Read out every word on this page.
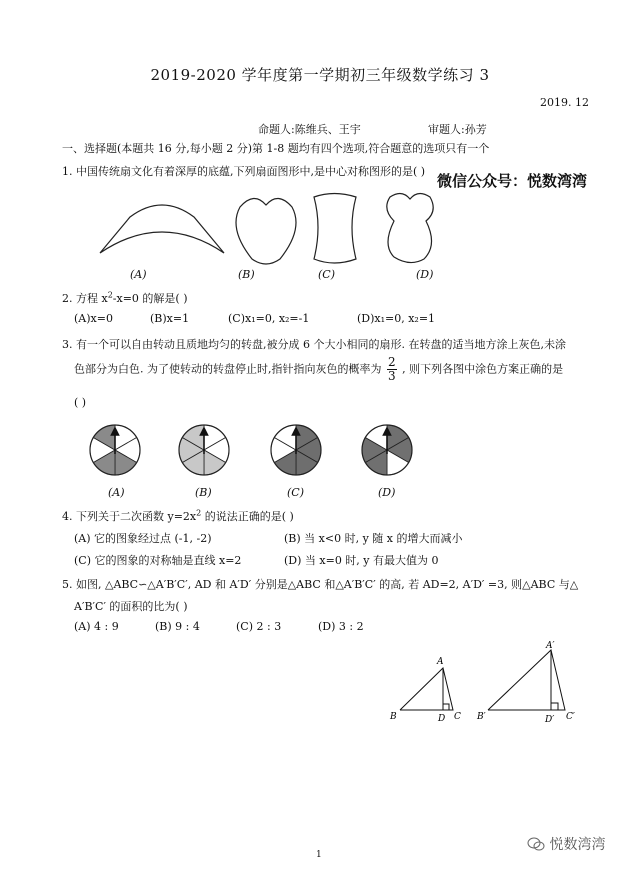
2019-2020 学年度第一学期初三年级数学练习 3
2019. 12
命题人:陈维兵、王宇	审题人:孙芳
一、选择题(本题共 16 分,每小题 2 分)第 1-8 题均有四个选项,符合题意的选项只有一个
微信公众号：悦数湾湾
1. 中国传统扇文化有着深厚的底蕴,下列扇面图形中,是中心对称图形的是( )
(A)	(B)	(C)	(D)
2. 方程 $x^2-x=0$ 的解是( )
(A)x=0	(B)x=1	(C)x₁=0, x₂=-1	(D)x₁=0, x₂=1
3. 有一个可以自由转动且质地均匀的转盘,被分成 6 个大小相同的扇形. 在转盘的适当地方涂上灰色,未涂
色部分为白色. 为了使转动的转盘停止时,指针指向灰色的概率为 $\frac{2}{3}$ , 则下列各图中涂色方案正确的是
( )
(A)	(B)	(C)	(D)
4. 下列关于二次函数 $y=2x^2$ 的说法正确的是( )
(A) 它的图象经过点 (-1, -2)	(B) 当 x<0 时, y 随 x 的增大而减小
(C) 它的图象的对称轴是直线 x=2	(D) 当 x=0 时, y 有最大值为 0
5. 如图, △ABC∽△A′B′C′, AD 和 A′D′ 分别是△ABC 和△A′B′C′ 的高, 若 AD=2, A′D′ =3, 则△ABC 与△
A′B′C′ 的面积的比为( )
(A) 4 : 9	(B) 9 : 4	(C) 2 : 3	(D) 3 : 2
A
B	D C
A′
B′	D′ C′
1
悦数湾湾
